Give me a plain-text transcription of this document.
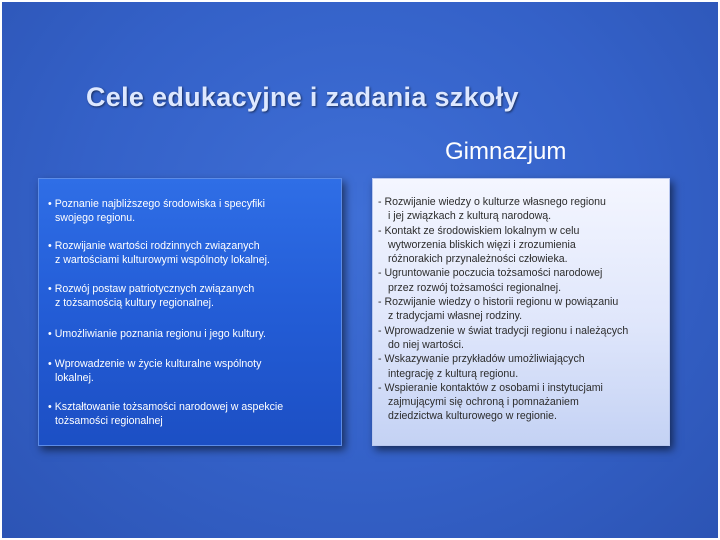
Cele edukacyjne i zadania szkoły
Gimnazjum
• Poznanie najbliższego środowiska i specyfiki
swojego regionu.
• Rozwijanie wartości rodzinnych związanych
z wartościami kulturowymi wspólnoty lokalnej.
• Rozwój postaw patriotycznych związanych
z tożsamością kultury regionalnej.
• Umożliwianie poznania regionu i jego kultury.
• Wprowadzenie w życie kulturalne wspólnoty
lokalnej.
• Kształtowanie tożsamości narodowej w aspekcie
tożsamości regionalnej
- Rozwijanie wiedzy o kulturze własnego regionu
i jej związkach z kulturą narodową.
- Kontakt ze środowiskiem lokalnym w celu
wytworzenia bliskich więzi i zrozumienia
różnorakich przynależności człowieka.
- Ugruntowanie poczucia tożsamości narodowej
przez rozwój tożsamości regionalnej.
- Rozwijanie wiedzy o historii regionu w powiązaniu
z tradycjami własnej rodziny.
- Wprowadzenie w świat tradycji regionu i należących
do niej wartości.
- Wskazywanie przykładów umożliwiających
integrację z kulturą regionu.
- Wspieranie kontaktów z osobami i instytucjami
zajmującymi się ochroną i pomnażaniem
dziedzictwa kulturowego w regionie.
